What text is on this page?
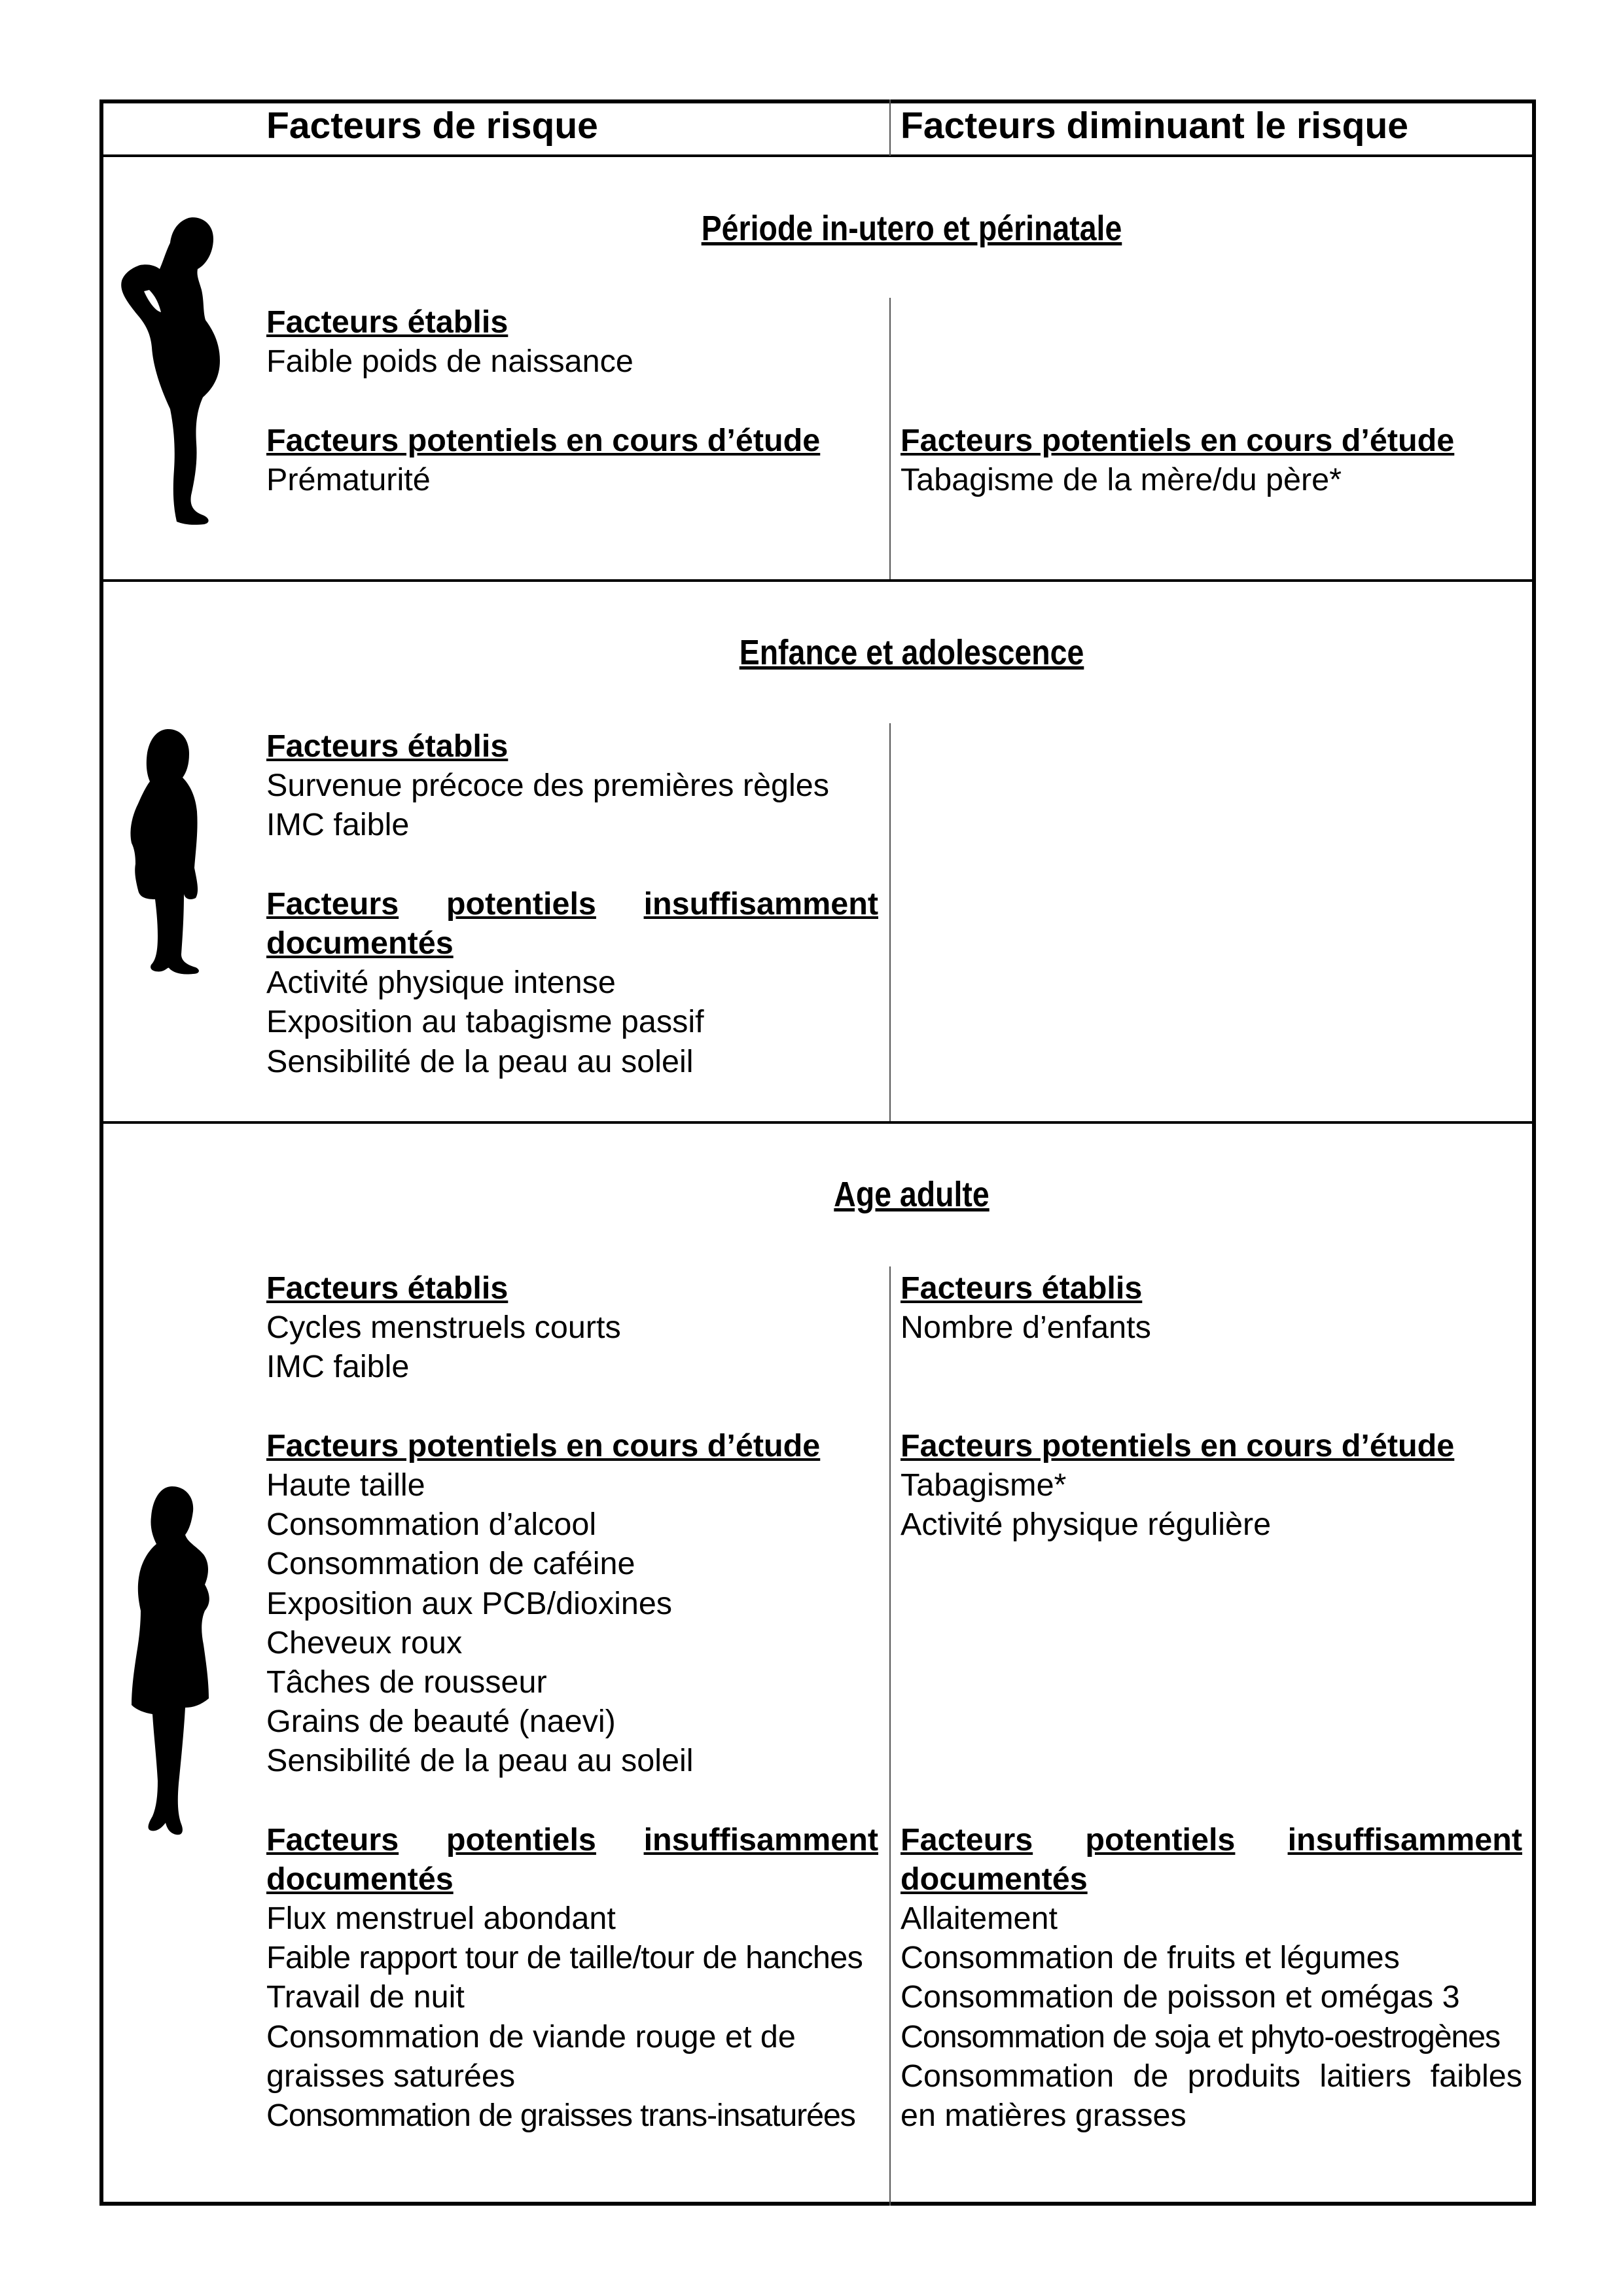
Facteurs de risque	Facteurs diminuant le risque
Période in-utero et périnatale
Enfance et adolescence
Age adulte
Facteurs établis
Faible poids de naissance
Facteurs potentiels en cours d’étude
Prématurité
Facteurs potentiels en cours d’étude
Tabagisme de la mère/du père*
Facteurs établis
Survenue précoce des premières règles
IMC faible
Facteurs potentiels insuffisamment
documentés
Activité physique intense
Exposition au tabagisme passif
Sensibilité de la peau au soleil
Facteurs établis
Cycles menstruels courts
IMC faible
Facteurs potentiels en cours d’étude
Haute taille
Consommation d’alcool
Consommation de caféine
Exposition aux PCB/dioxines
Cheveux roux
Tâches de rousseur
Grains de beauté (naevi)
Sensibilité de la peau au soleil
Facteurs potentiels insuffisamment
documentés
Flux menstruel abondant
Faible rapport tour de taille/tour de hanches
Travail de nuit
Consommation de viande rouge et de
graisses saturées
Consommation de graisses trans-insaturées
Facteurs établis
Nombre d’enfants
Facteurs potentiels en cours d’étude
Tabagisme*
Activité physique régulière
Facteurs potentiels insuffisamment
documentés
Allaitement
Consommation de fruits et légumes
Consommation de poisson et omégas 3
Consommation de soja et phyto-oestrogènes
Consommation de produits laitiers faibles
en matières grasses
